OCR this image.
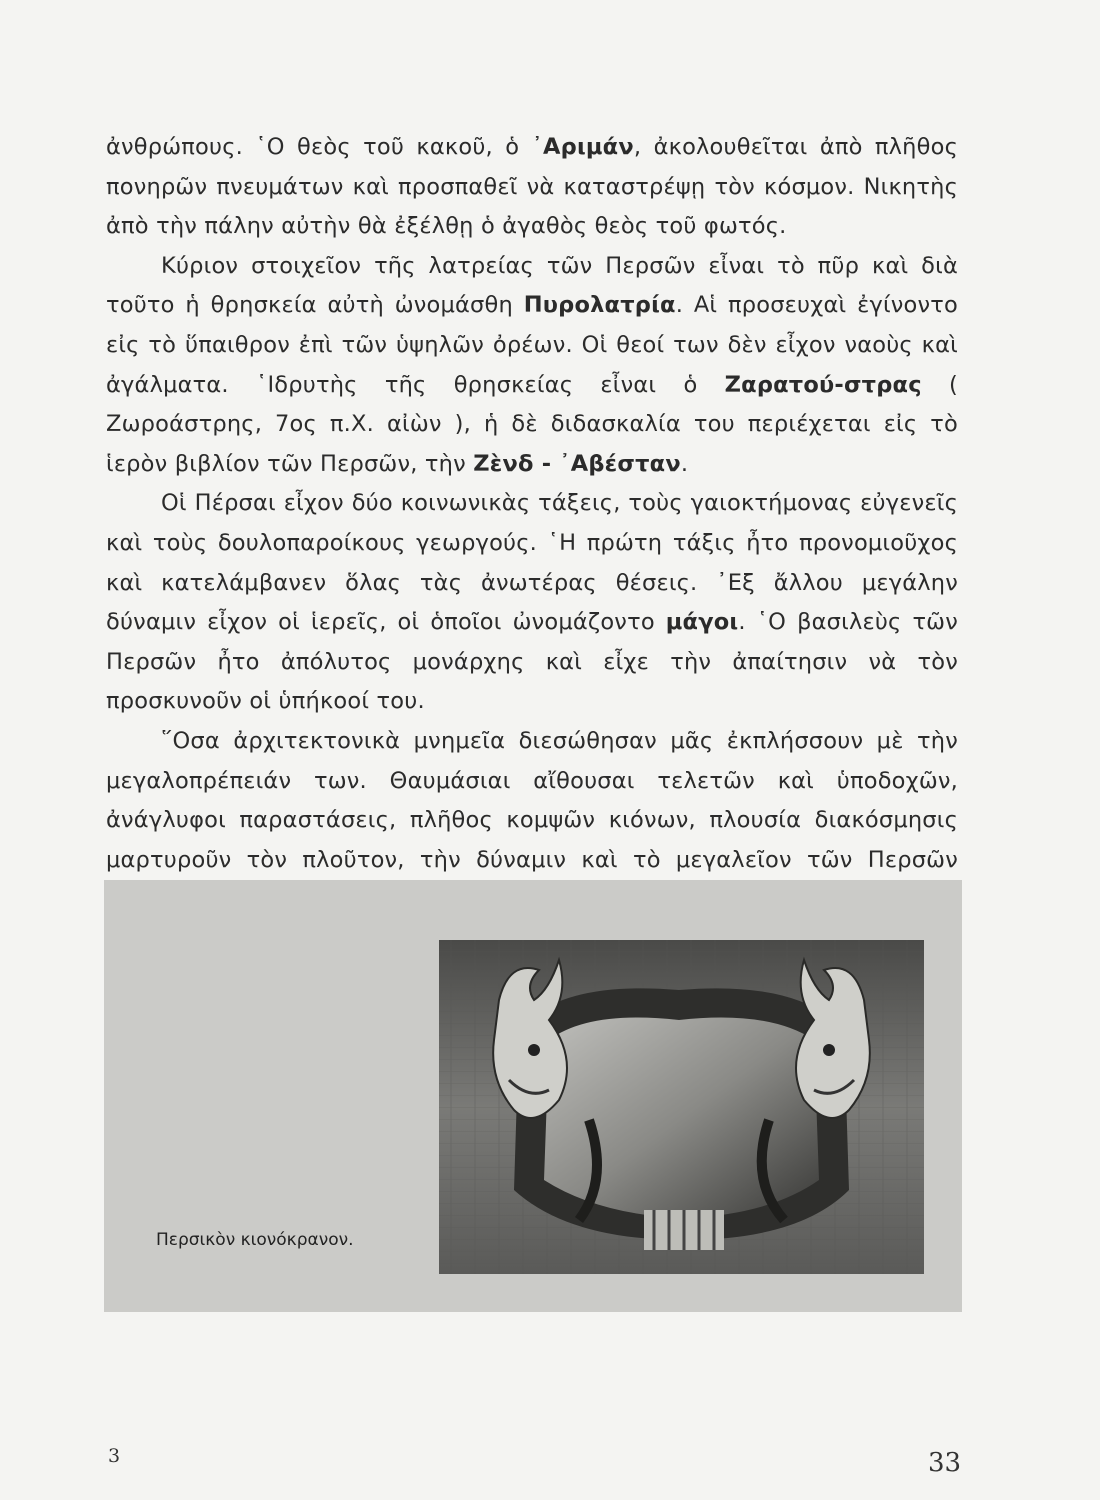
ἀνθρώπους. ῾Ο θεὸς τοῦ κακοῦ, ὁ ᾿Αριμάν, ἀκολουθεῖται ἀπὸ πλῆθος πονηρῶν πνευμάτων καὶ προσπαθεῖ νὰ καταστρέψῃ τὸν κόσμον. Νικητὴς ἀπὸ τὴν πάλην αὐτὴν θὰ ἐξέλθῃ ὁ ἀγαθὸς θεὸς τοῦ φωτός.

Κύριον στοιχεῖον τῆς λατρείας τῶν Περσῶν εἶναι τὸ πῦρ καὶ διὰ τοῦτο ἡ θρησκεία αὐτὴ ὠνομάσθη Πυρολατρία. Αἱ προσευχαὶ ἐγίνοντο εἰς τὸ ὕπαιθρον ἐπὶ τῶν ὑψηλῶν ὀρέων. Οἱ θεοί των δὲν εἶχον ναοὺς καὶ ἀγάλματα. ῾Ιδρυτὴς τῆς θρησκείας εἶναι ὁ Ζαρατού-στρας ( Ζωροάστρης, 7ος π.Χ. αἰὼν ), ἡ δὲ διδασκαλία του περιέχεται εἰς τὸ ἱερὸν βιβλίον τῶν Περσῶν, τὴν Ζὲνδ - ᾿Αβέσταν.

Οἱ Πέρσαι εἶχον δύο κοινωνικὰς τάξεις, τοὺς γαιοκτήμονας εὐγενεῖς καὶ τοὺς δουλοπαροίκους γεωργούς. ῾Η πρώτη τάξις ἦτο προνομιοῦχος καὶ κατελάμβανεν ὅλας τὰς ἀνωτέρας θέσεις. ᾿Εξ ἄλλου μεγάλην δύναμιν εἶχον οἱ ἱερεῖς, οἱ ὁποῖοι ὠνομάζοντο μάγοι. ῾Ο βασιλεὺς τῶν Περσῶν ἦτο ἀπόλυτος μονάρχης καὶ εἶχε τὴν ἀπαίτησιν νὰ τὸν προσκυνοῦν οἱ ὑπήκοοί του.

῞Οσα ἀρχιτεκτονικὰ μνημεῖα διεσώθησαν μᾶς ἐκπλήσσουν μὲ τὴν μεγαλοπρέπειάν των. Θαυμάσιαι αἴθουσαι τελετῶν καὶ ὑποδοχῶν, ἀνάγλυφοι παραστάσεις, πλῆθος κομψῶν κιόνων, πλουσία διακόσμησις μαρτυροῦν τὸν πλοῦτον, τὴν δύναμιν καὶ τὸ μεγαλεῖον τῶν Περσῶν

Περσικὸν κιονόκρανον.
3	33
